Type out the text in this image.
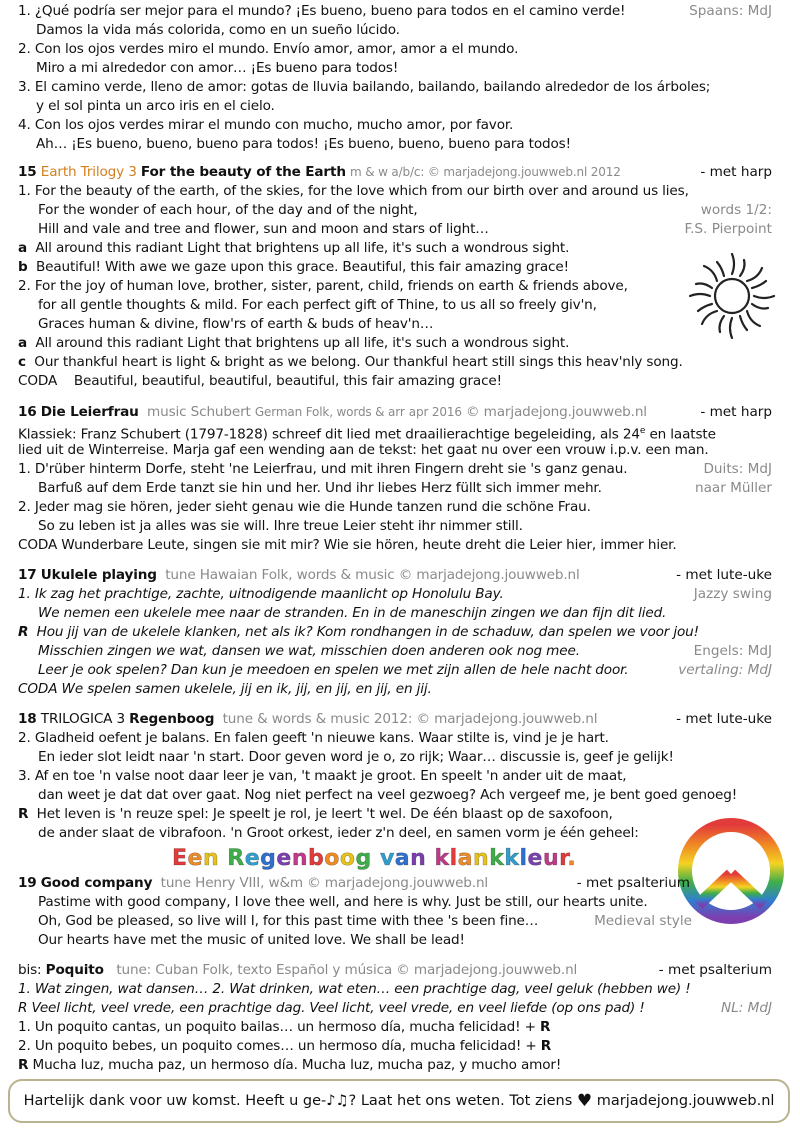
1. ¿Qué podría ser mejor para el mundo? ¡Es bueno, bueno para todos en el camino verde!	Spaans: MdJ
Damos la vida más colorida, como en un sueño lúcido.
2. Con los ojos verdes miro el mundo. Envío amor, amor, amor a el mundo.
Miro a mi alrededor con amor… ¡Es bueno para todos!
3. El camino verde, lleno de amor: gotas de lluvia bailando, bailando, bailando alrededor de los árboles;
y el sol pinta un arco iris en el cielo.
4. Con los ojos verdes mirar el mundo con mucho, mucho amor, por favor.
Ah… ¡Es bueno, bueno, bueno para todos! ¡Es bueno, bueno, bueno para todos!
15 Earth Trilogy 3 For the beauty of the Earth m & w a/b/c: © marjadejong.jouwweb.nl 2012	- met harp
1. For the beauty of the earth, of the skies, for the love which from our birth over and around us lies,
For the wonder of each hour, of the day and of the night,	words 1/2:
Hill and vale and tree and flower, sun and moon and stars of light…	F.S. Pierpoint
a All around this radiant Light that brightens up all life, it's such a wondrous sight.
b Beautiful! With awe we gaze upon this grace. Beautiful, this fair amazing grace!
2. For the joy of human love, brother, sister, parent, child, friends on earth & friends above,
for all gentle thoughts & mild. For each perfect gift of Thine, to us all so freely giv'n,
Graces human & divine, flow'rs of earth & buds of heav'n…
a All around this radiant Light that brightens up all life, it's such a wondrous sight.
c Our thankful heart is light & bright as we belong. Our thankful heart still sings this heav'nly song.
CODA Beautiful, beautiful, beautiful, beautiful, this fair amazing grace!
16 Die Leierfrau music Schubert German Folk, words & arr apr 2016 © marjadejong.jouwweb.nl	- met harp
Klassiek: Franz Schubert (1797-1828) schreef dit lied met draailierachtige begeleiding, als 24e en laatste
lied uit de Winterreise. Marja gaf een wending aan de tekst: het gaat nu over een vrouw i.p.v. een man.
1. D'rüber hinterm Dorfe, steht 'ne Leierfrau, und mit ihren Fingern dreht sie 's ganz genau.	Duits: MdJ
Barfuß auf dem Erde tanzt sie hin und her. Und ihr liebes Herz füllt sich immer mehr.	naar Müller
2. Jeder mag sie hören, jeder sieht genau wie die Hunde tanzen rund die schöne Frau.
So zu leben ist ja alles was sie will. Ihre treue Leier steht ihr nimmer still.
CODA Wunderbare Leute, singen sie mit mir? Wie sie hören, heute dreht die Leier hier, immer hier.
17 Ukulele playing tune Hawaian Folk, words & music © marjadejong.jouwweb.nl	- met lute-uke
1. Ik zag het prachtige, zachte, uitnodigende maanlicht op Honolulu Bay.	Jazzy swing
We nemen een ukelele mee naar de stranden. En in de maneschijn zingen we dan fijn dit lied.
R Hou jij van de ukelele klanken, net als ik? Kom rondhangen in de schaduw, dan spelen we voor jou!
Misschien zingen we wat, dansen we wat, misschien doen anderen ook nog mee.	Engels: MdJ
Leer je ook spelen? Dan kun je meedoen en spelen we met zijn allen de hele nacht door.	vertaling: MdJ
CODA We spelen samen ukelele, jij en ik, jij, en jij, en jij, en jij.
18 TRILOGICA 3 Regenboog tune & words & music 2012: © marjadejong.jouwweb.nl	- met lute-uke
2. Gladheid oefent je balans. En falen geeft 'n nieuwe kans. Waar stilte is, vind je je hart.
En ieder slot leidt naar 'n start. Door geven word je o, zo rijk; Waar… discussie is, geef je gelijk!
3. Af en toe 'n valse noot daar leer je van, 't maakt je groot. En speelt 'n ander uit de maat,
dan weet je dat dat over gaat. Nog niet perfect na veel gezwoeg? Ach vergeef me, je bent goed genoeg!
R Het leven is 'n reuze spel: Je speelt je rol, je leert 't wel. De één blaast op de saxofoon,
de ander slaat de vibrafoon. 'n Groot orkest, ieder z'n deel, en samen vorm je één geheel:
Een Regenboog van klankkleur.
19 Good company tune Henry VIII, w&m © marjadejong.jouwweb.nl	- met psalterium
Pastime with good company, I love thee well, and here is why. Just be still, our hearts unite.
Oh, God be pleased, so live will I, for this past time with thee 's been fine…	Medieval style
Our hearts have met the music of united love. We shall be lead!
bis: Poquito tune: Cuban Folk, texto Español y música © marjadejong.jouwweb.nl	- met psalterium
1. Wat zingen, wat dansen… 2. Wat drinken, wat eten… een prachtige dag, veel geluk (hebben we) !
R Veel licht, veel vrede, een prachtige dag. Veel licht, veel vrede, en veel liefde (op ons pad) !	NL: MdJ
1. Un poquito cantas, un poquito bailas… un hermoso día, mucha felicidad! + R
2. Un poquito bebes, un poquito comes… un hermoso día, mucha felicidad! + R
R Mucha luz, mucha paz, un hermoso día. Mucha luz, mucha paz, y mucho amor!
Hartelijk dank voor uw komst. Heeft u ge- ♪♫ ? Laat het ons weten. Tot ziens
♥
marjadejong.jouwweb.nl
